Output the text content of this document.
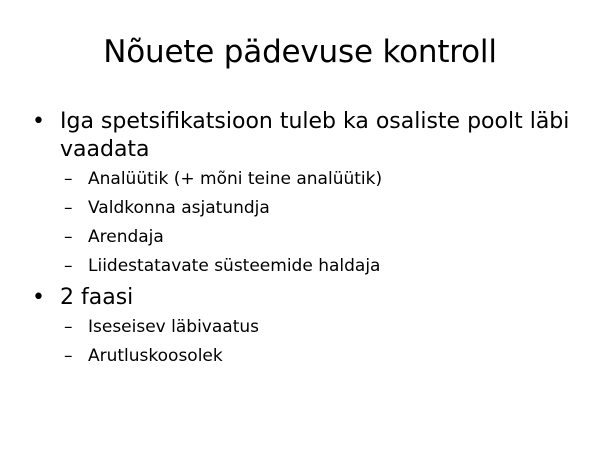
Nõuete pädevuse kontroll
• Iga spetsifikatsioon tuleb ka osaliste poolt läbi vaadata
– Analüütik (+ mõni teine analüütik)
– Valdkonna asjatundja
– Arendaja
– Liidestatavate süsteemide haldaja
• 2 faasi
– Iseseisev läbivaatus
– Arutluskoosolek
